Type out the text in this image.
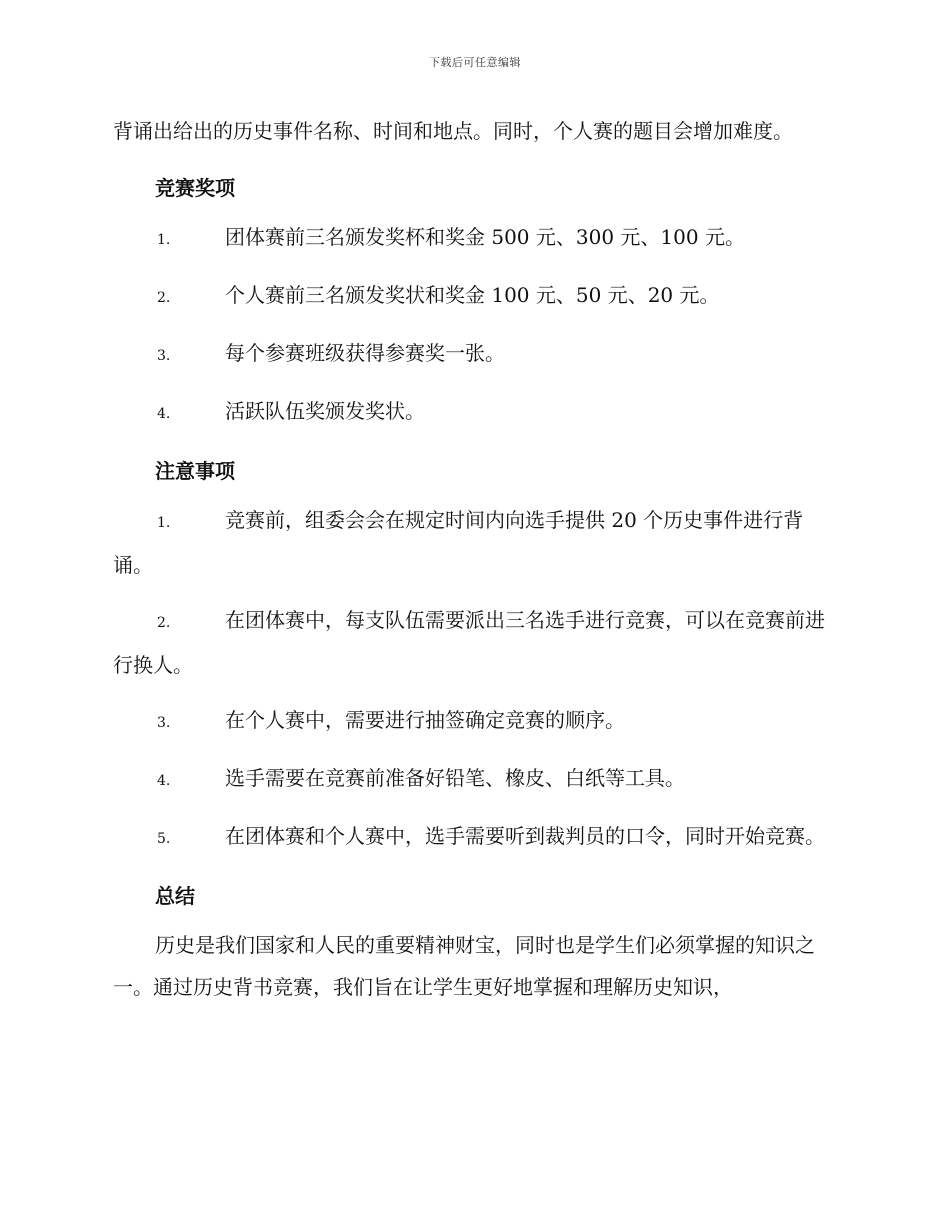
下载后可任意编辑

背诵出给出的历史事件名称、时间和地点。同时，个人赛的题目会增加难度。

竞赛奖项
1.	团体赛前三名颁发奖杯和奖金 500 元、300 元、100 元。
2.	个人赛前三名颁发奖状和奖金 100 元、50 元、20 元。
3.	每个参赛班级获得参赛奖一张。
4.	活跃队伍奖颁发奖状。
注意事项
1.	竞赛前，组委会会在规定时间内向选手提供 20 个历史事件进行背诵。
2.	在团体赛中，每支队伍需要派出三名选手进行竞赛，可以在竞赛前进行换人。
3.	在个人赛中，需要进行抽签确定竞赛的顺序。
4.	选手需要在竞赛前准备好铅笔、橡皮、白纸等工具。
5.	在团体赛和个人赛中，选手需要听到裁判员的口令，同时开始竞赛。
总结

历史是我们国家和人民的重要精神财宝，同时也是学生们必须掌握的知识之一。通过历史背书竞赛，我们旨在让学生更好地掌握和理解历史知识，
